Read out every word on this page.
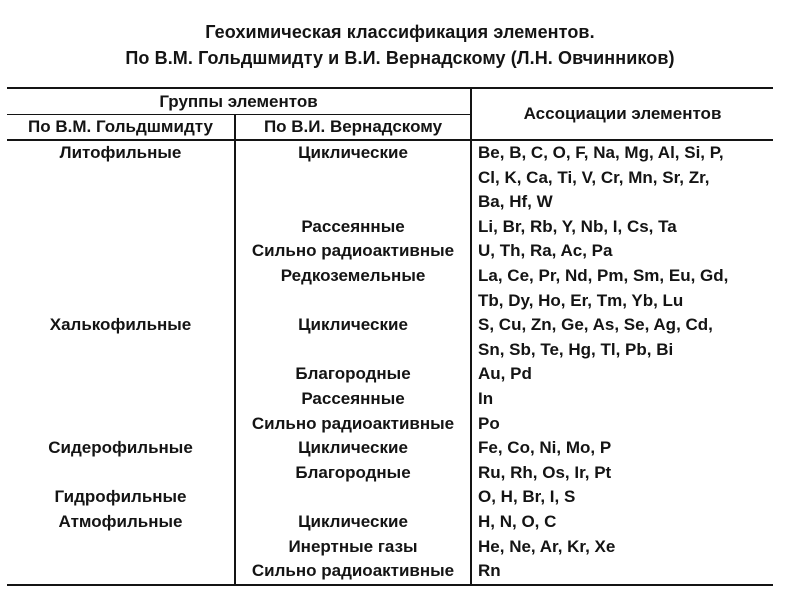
Геохимическая классификация элементов.
По В.М. Гольдшмидту и В.И. Вернадскому (Л.Н. Овчинников)
Группы элементов		Ассоциации элементов
По В.М. Гольдшмидту	По В.И. Вернадскому	
Литофильные	Циклические	Be, B, C, O, F, Na, Mg, Al, Si, P,
		Cl, K, Ca, Ti, V, Cr, Mn, Sr, Zr,
		Ba, Hf, W
	Рассеянные	Li, Br, Rb, Y, Nb, I, Cs, Ta
	Сильно радиоактивные	U, Th, Ra, Ac, Pa
	Редкоземельные	La, Ce, Pr, Nd, Pm, Sm, Eu, Gd,
		Tb, Dy, Ho, Er, Tm, Yb, Lu
Халькофильные	Циклические	S, Cu, Zn, Ge, As, Se, Ag, Cd,
		Sn, Sb, Te, Hg, Tl, Pb, Bi
	Благородные	Au, Pd
	Рассеянные	In
	Сильно радиоактивные	Po
Сидерофильные	Циклические	Fe, Co, Ni, Mo, P
	Благородные	Ru, Rh, Os, Ir, Pt
Гидрофильные		O, H, Br, I, S
Атмофильные	Циклические	H, N, O, C
	Инертные газы	He, Ne, Ar, Kr, Xe
	Сильно радиоактивные	Rn
